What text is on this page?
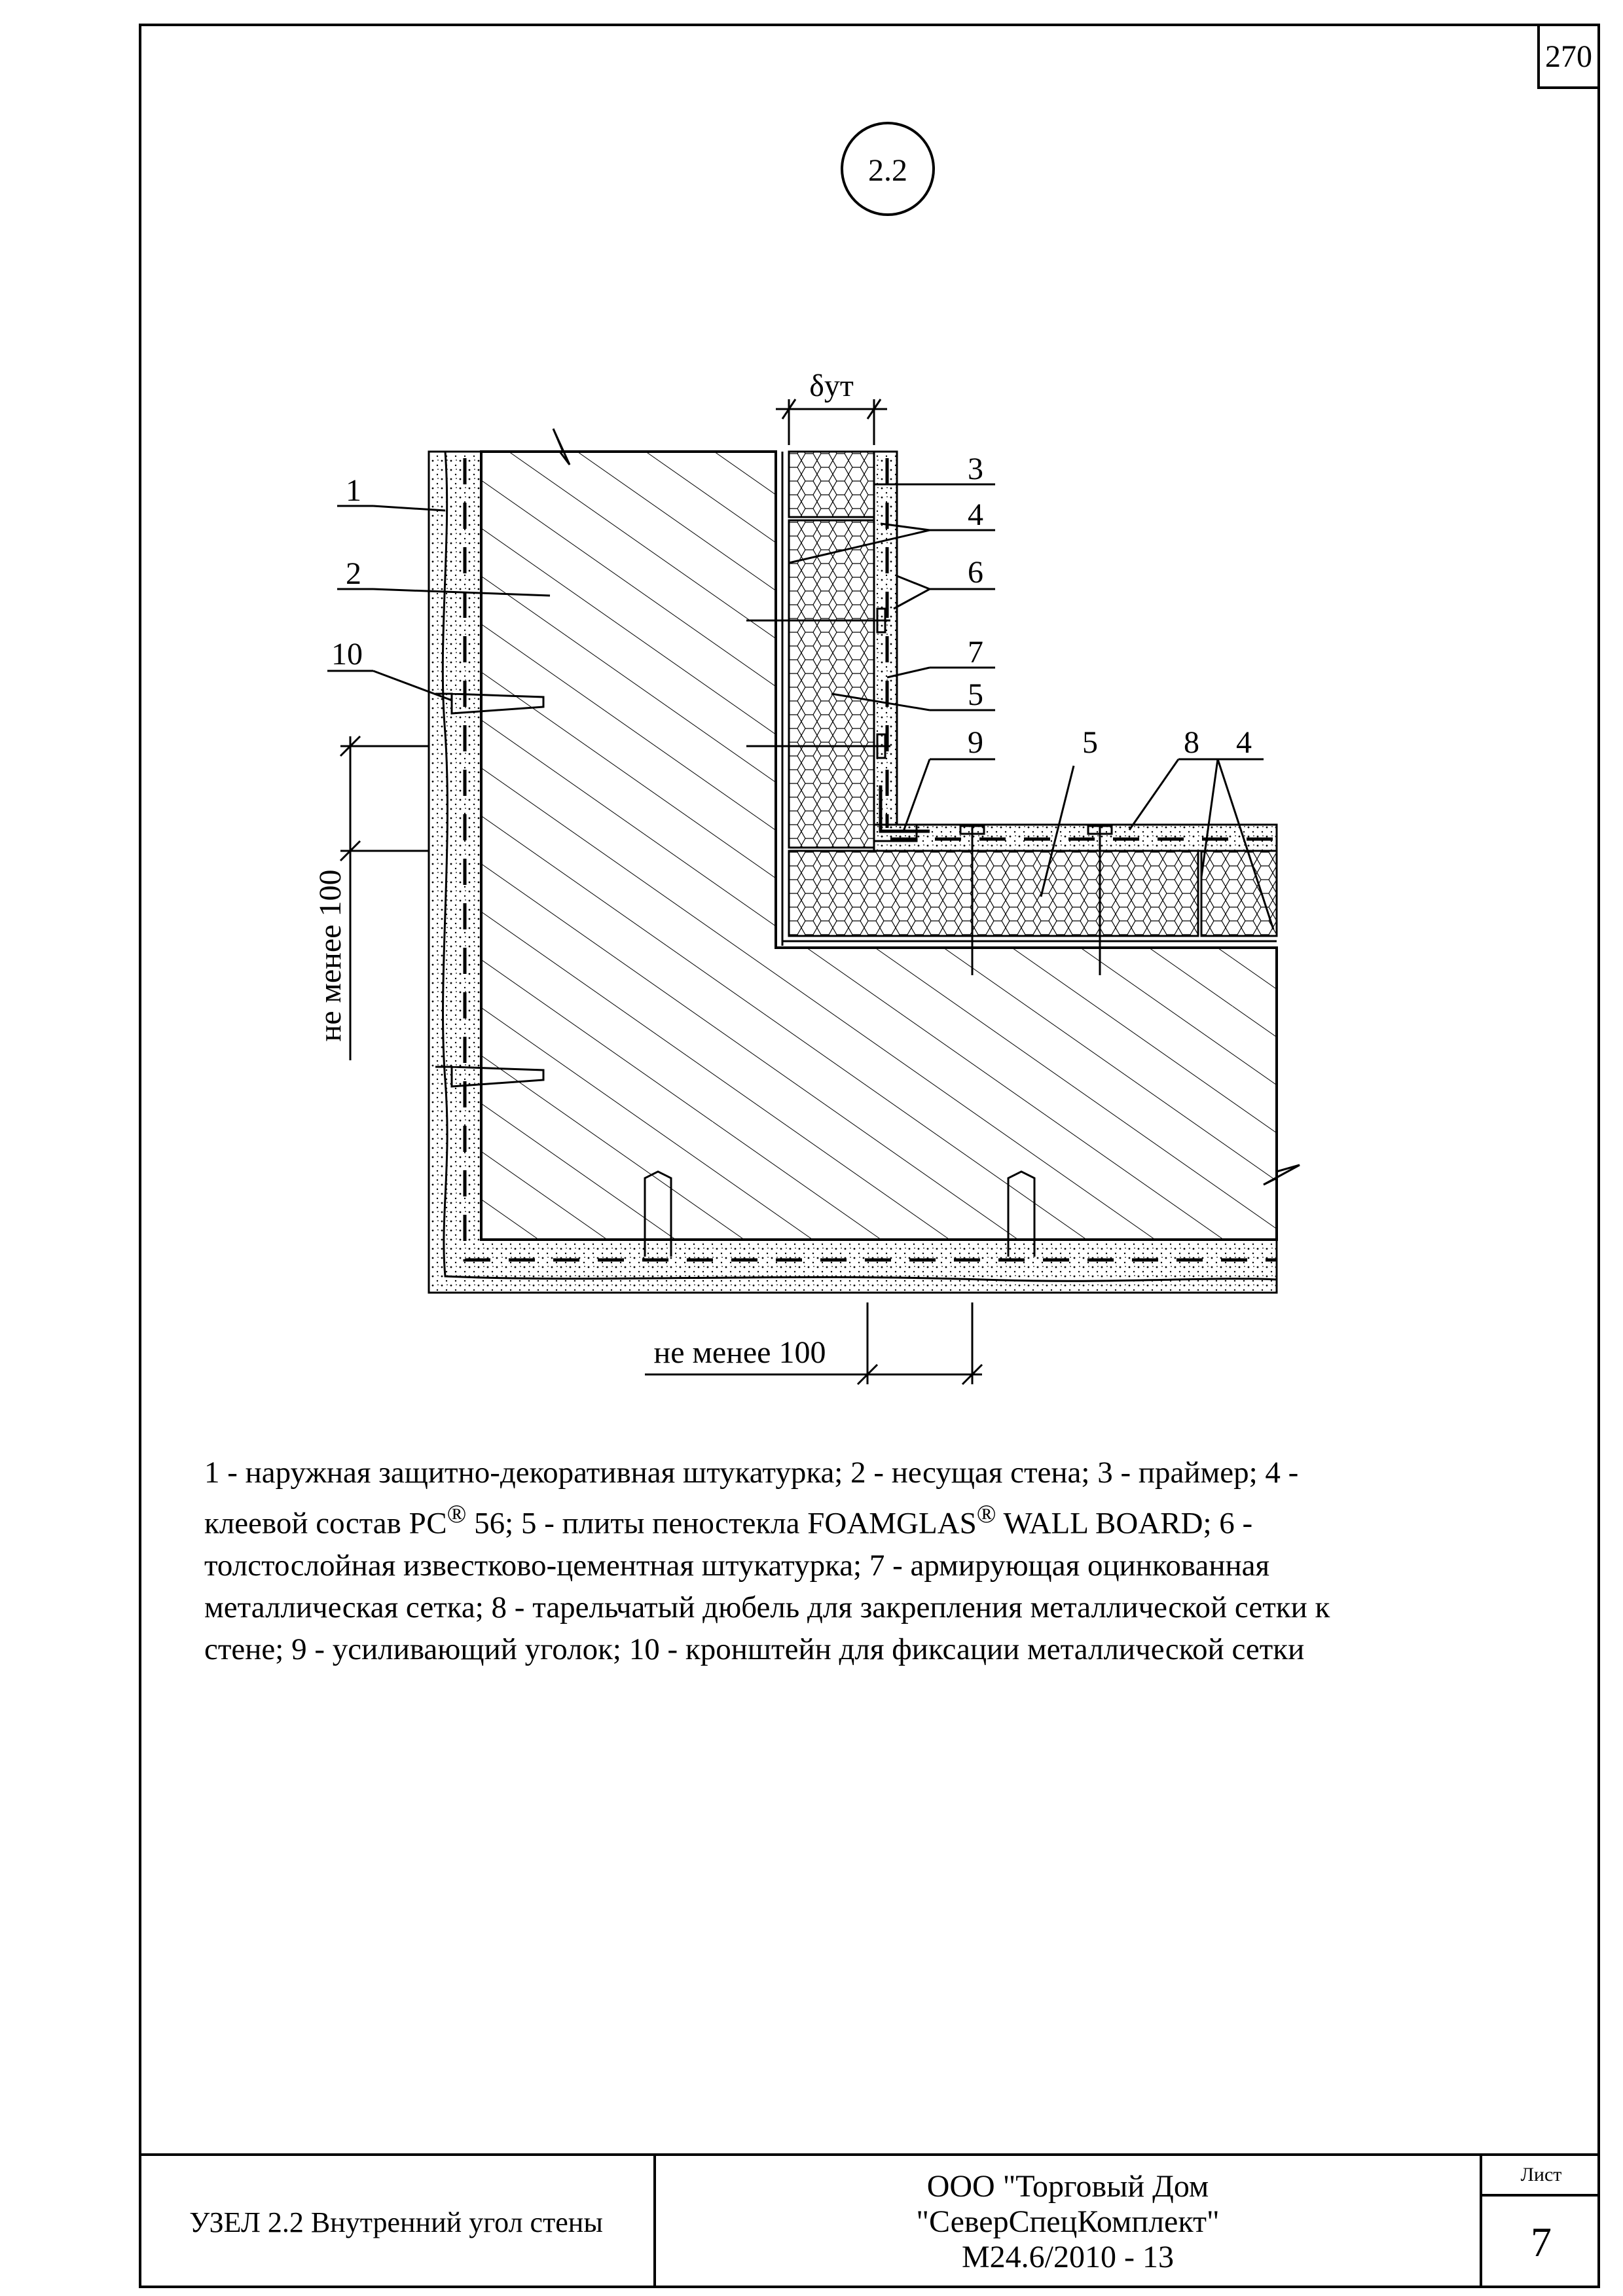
270
2.2
δут
не менее 100
не менее 100
1
2
10
3
4
6
7
5
9	5	8 4
1 - наружная защитно-декоративная штукатурка; 2 - несущая стена; 3 - праймер; 4 -
клеевой состав РС® 56; 5 - плиты пеностекла FOAMGLAS® WALL BOARD; 6 -
толстослойная известково-цементная штукатурка; 7 - армирующая оцинкованная
металлическая сетка; 8 - тарельчатый дюбель для закрепления металлической сетки к
стене; 9 - усиливающий уголок; 10 - кронштейн для фиксации металлической сетки
УЗЕЛ 2.2 Внутренний угол стены
ООО "Торговый Дом
"СеверСпецКомплект"
М24.6/2010 - 13
Лист
7
